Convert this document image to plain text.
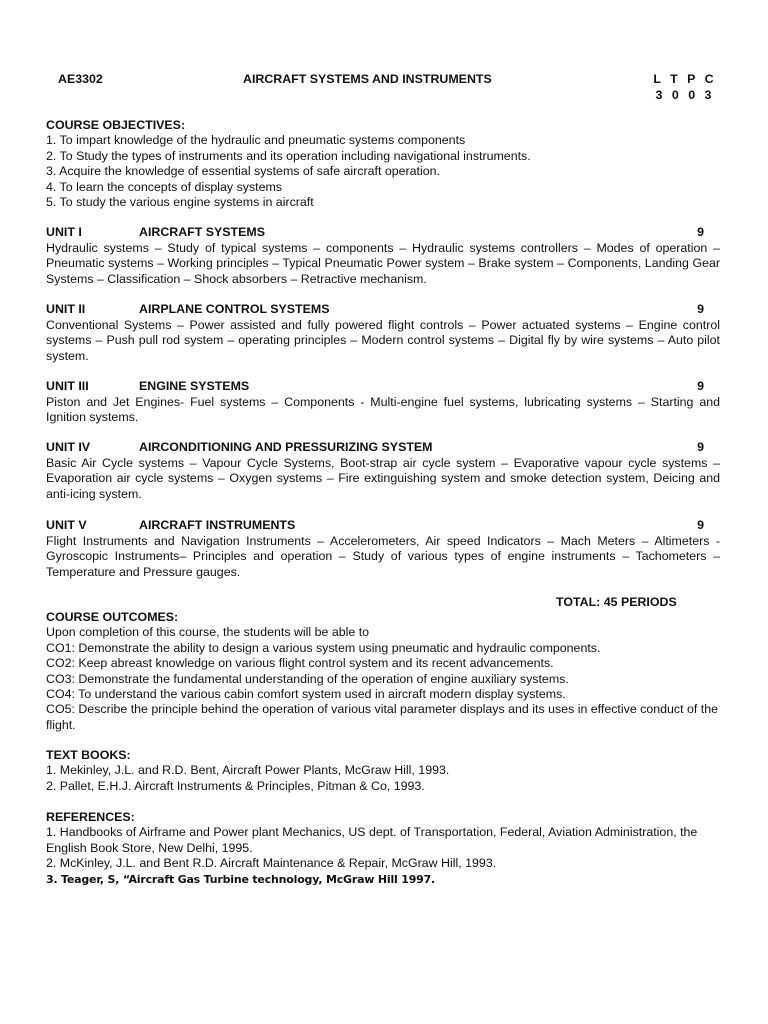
AE3302	AIRCRAFT SYSTEMS AND INSTRUMENTS	L T P C
3 0 0 3
COURSE OBJECTIVES:
1. To impart knowledge of the hydraulic and pneumatic systems components
2. To Study the types of instruments and its operation including navigational instruments.
3. Acquire the knowledge of essential systems of safe aircraft operation.
4. To learn the concepts of display systems
5. To study the various engine systems in aircraft
UNIT I	AIRCRAFT SYSTEMS	9
Hydraulic systems – Study of typical systems – components – Hydraulic systems controllers – Modes of operation – Pneumatic systems – Working principles – Typical Pneumatic Power system – Brake system – Components, Landing Gear Systems – Classification – Shock absorbers – Retractive mechanism.
UNIT II	AIRPLANE CONTROL SYSTEMS	9
Conventional Systems – Power assisted and fully powered flight controls – Power actuated systems – Engine control systems – Push pull rod system – operating principles – Modern control systems – Digital fly by wire systems – Auto pilot system.
UNIT III	ENGINE SYSTEMS	9
Piston and Jet Engines- Fuel systems – Components - Multi-engine fuel systems, lubricating systems – Starting and Ignition systems.
UNIT IV	AIRCONDITIONING AND PRESSURIZING SYSTEM	9
Basic Air Cycle systems – Vapour Cycle Systems, Boot-strap air cycle system – Evaporative vapour cycle systems – Evaporation air cycle systems – Oxygen systems – Fire extinguishing system and smoke detection system, Deicing and anti-icing system.
UNIT V	AIRCRAFT INSTRUMENTS	9
Flight Instruments and Navigation Instruments – Accelerometers, Air speed Indicators – Mach Meters – Altimeters - Gyroscopic Instruments– Principles and operation – Study of various types of engine instruments – Tachometers – Temperature and Pressure gauges.
TOTAL: 45 PERIODS
COURSE OUTCOMES:
Upon completion of this course, the students will be able to
CO1: Demonstrate the ability to design a various system using pneumatic and hydraulic components.
CO2: Keep abreast knowledge on various flight control system and its recent advancements.
CO3: Demonstrate the fundamental understanding of the operation of engine auxiliary systems.
CO4: To understand the various cabin comfort system used in aircraft modern display systems.
CO5: Describe the principle behind the operation of various vital parameter displays and its uses in effective conduct of the flight.
TEXT BOOKS:
1. Mekinley, J.L. and R.D. Bent, Aircraft Power Plants, McGraw Hill, 1993.
2. Pallet, E.H.J. Aircraft Instruments & Principles, Pitman & Co, 1993.
REFERENCES:
1. Handbooks of Airframe and Power plant Mechanics, US dept. of Transportation, Federal, Aviation Administration, the English Book Store, New Delhi, 1995.
2. McKinley, J.L. and Bent R.D. Aircraft Maintenance & Repair, McGraw Hill, 1993.
3. Teager, S, “Aircraft Gas Turbine technology, McGraw Hill 1997.
